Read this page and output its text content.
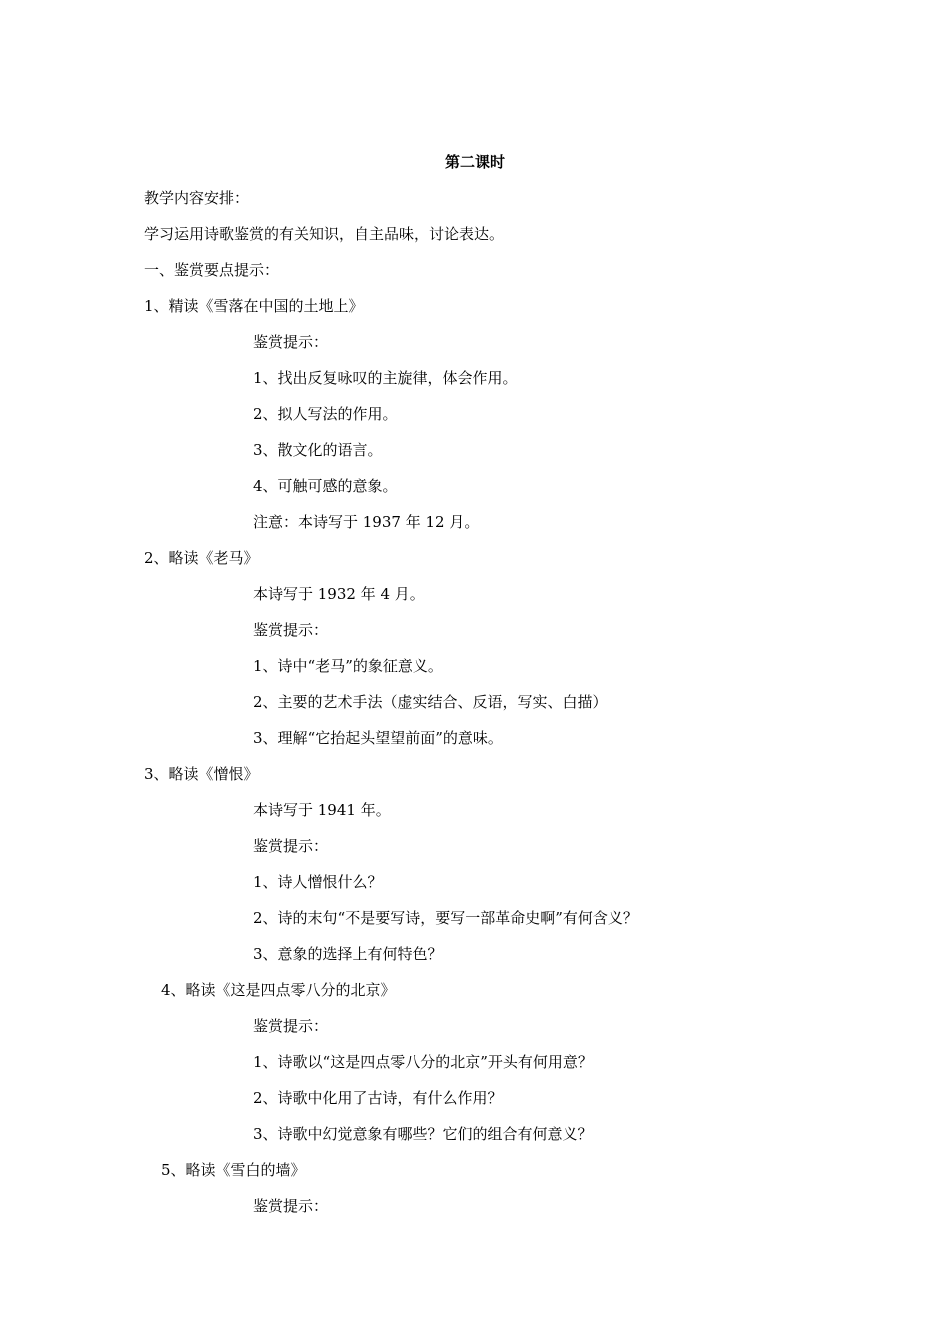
第二课时
教学内容安排：
学习运用诗歌鉴赏的有关知识，自主品味，讨论表达。
一、鉴赏要点提示：
1、精读《雪落在中国的土地上》
鉴赏提示：
1、找出反复咏叹的主旋律，体会作用。
2、拟人写法的作用。
3、散文化的语言。
4、可触可感的意象。
注意：本诗写于 1937 年 12 月。
2、略读《老马》
本诗写于 1932 年 4 月。
鉴赏提示：
1、诗中“老马”的象征意义。
2、主要的艺术手法（虚实结合、反语，写实、白描）
3、理解“它抬起头望望前面”的意味。
3、略读《憎恨》
本诗写于 1941 年。
鉴赏提示：
1、诗人憎恨什么？
2、诗的末句“不是要写诗，要写一部革命史啊”有何含义？
3、意象的选择上有何特色？
4、略读《这是四点零八分的北京》
鉴赏提示：
1、诗歌以“这是四点零八分的北京”开头有何用意？
2、诗歌中化用了古诗，有什么作用？
3、诗歌中幻觉意象有哪些？它们的组合有何意义？
5、略读《雪白的墙》
鉴赏提示：
